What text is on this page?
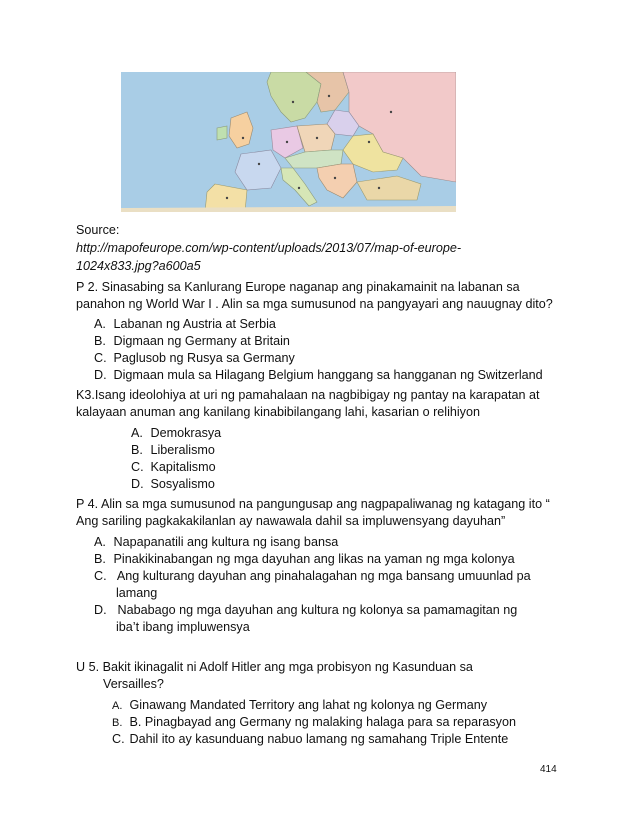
Source:
http://mapofeurope.com/wp-content/uploads/2013/07/map-of-europe-
1024x833.jpg?a600a5
P 2. Sinasabing sa Kanlurang Europe naganap ang pinakamainit na labanan sa
panahon ng World War I . Alin sa mga sumusunod na pangyayari ang nauugnay dito?
A. Labanan ng Austria at Serbia
B. Digmaan ng Germany at Britain
C. Paglusob ng Rusya sa Germany
D. Digmaan mula sa Hilagang Belgium hanggang sa hangganan ng Switzerland
K3.Isang ideolohiya at uri ng pamahalaan na nagbibigay ng pantay na karapatan at
kalayaan anuman ang kanilang kinabibilangang lahi, kasarian o relihiyon
A. Demokrasya
B. Liberalismo
C. Kapitalismo
D. Sosyalismo
P 4. Alin sa mga sumusunod na pangungusap ang nagpapaliwanag ng katagang ito “
Ang sariling pagkakakilanlan ay nawawala dahil sa impluwensyang dayuhan”
A. Napapanatili ang kultura ng isang bansa
B. Pinakikinabangan ng mga dayuhan ang likas na yaman ng mga kolonya
C. Ang kulturang dayuhan ang pinahalagahan ng mga bansang umuunlad pa
lamang
D. Nababago ng mga dayuhan ang kultura ng kolonya sa pamamagitan ng
iba’t ibang impluwensya
U 5. Bakit ikinagalit ni Adolf Hitler ang mga probisyon ng Kasunduan sa
Versailles?
A. Ginawang Mandated Territory ang lahat ng kolonya ng Germany
B. B. Pinagbayad ang Germany ng malaking halaga para sa reparasyon
C. Dahil ito ay kasunduang nabuo lamang ng samahang Triple Entente
414
